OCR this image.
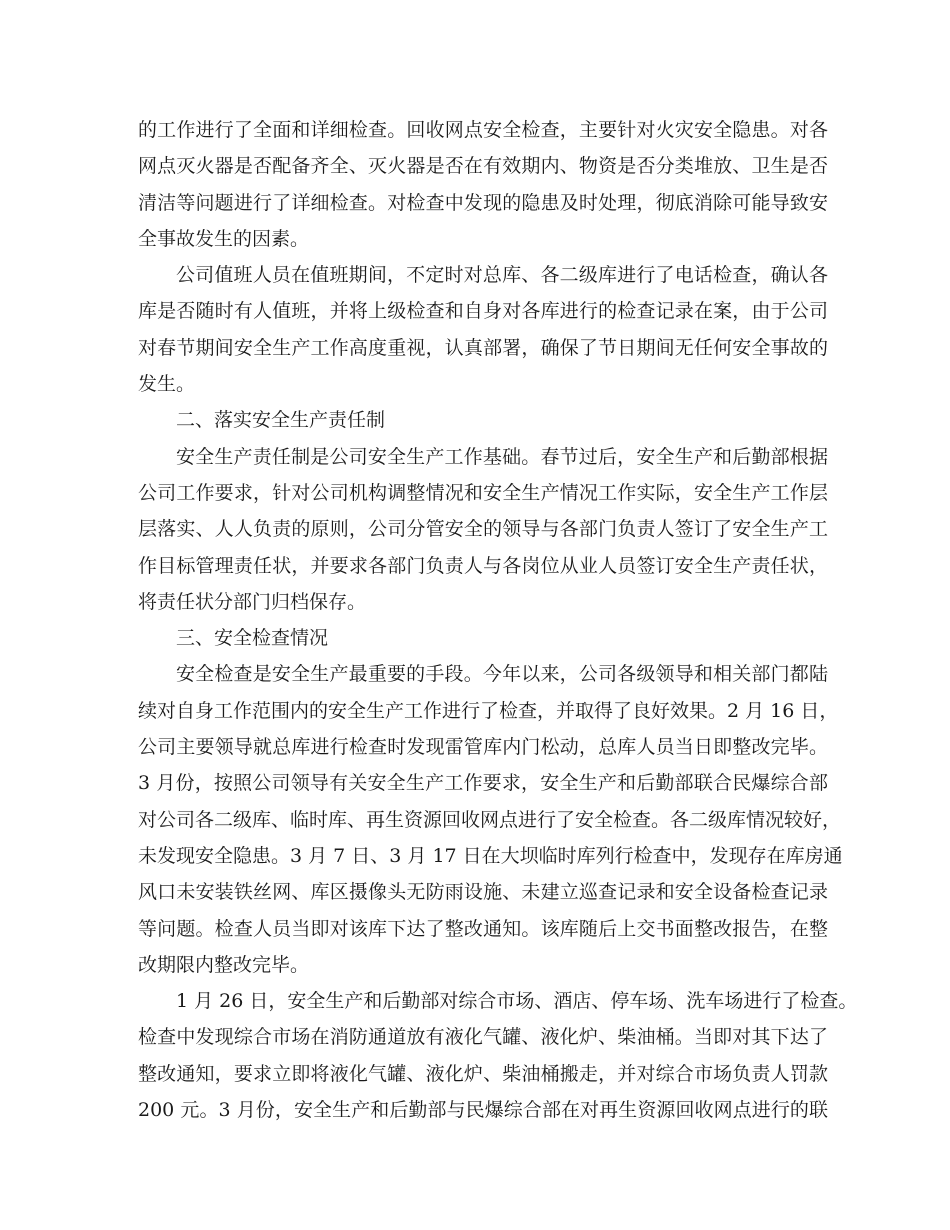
的工作进行了全面和详细检查。回收网点安全检查，主要针对火灾安全隐患。对各
网点灭火器是否配备齐全、灭火器是否在有效期内、物资是否分类堆放、卫生是否
清洁等问题进行了详细检查。对检查中发现的隐患及时处理，彻底消除可能导致安
全事故发生的因素。
公司值班人员在值班期间，不定时对总库、各二级库进行了电话检查，确认各
库是否随时有人值班，并将上级检查和自身对各库进行的检查记录在案，由于公司
对春节期间安全生产工作高度重视，认真部署，确保了节日期间无任何安全事故的
发生。
二、落实安全生产责任制
安全生产责任制是公司安全生产工作基础。春节过后，安全生产和后勤部根据
公司工作要求，针对公司机构调整情况和安全生产情况工作实际，安全生产工作层
层落实、人人负责的原则，公司分管安全的领导与各部门负责人签订了安全生产工
作目标管理责任状，并要求各部门负责人与各岗位从业人员签订安全生产责任状，
将责任状分部门归档保存。
三、安全检查情况
安全检查是安全生产最重要的手段。今年以来，公司各级领导和相关部门都陆
续对自身工作范围内的安全生产工作进行了检查，并取得了良好效果。2 月 16 日，
公司主要领导就总库进行检查时发现雷管库内门松动，总库人员当日即整改完毕。
3 月份，按照公司领导有关安全生产工作要求，安全生产和后勤部联合民爆综合部
对公司各二级库、临时库、再生资源回收网点进行了安全检查。各二级库情况较好，
未发现安全隐患。3 月 7 日、3 月 17 日在大坝临时库列行检查中，发现存在库房通
风口未安装铁丝网、库区摄像头无防雨设施、未建立巡查记录和安全设备检查记录
等问题。检查人员当即对该库下达了整改通知。该库随后上交书面整改报告，在整
改期限内整改完毕。
1 月 26 日，安全生产和后勤部对综合市场、酒店、停车场、洗车场进行了检查。
检查中发现综合市场在消防通道放有液化气罐、液化炉、柴油桶。当即对其下达了
整改通知，要求立即将液化气罐、液化炉、柴油桶搬走，并对综合市场负责人罚款
200 元。3 月份，安全生产和后勤部与民爆综合部在对再生资源回收网点进行的联
